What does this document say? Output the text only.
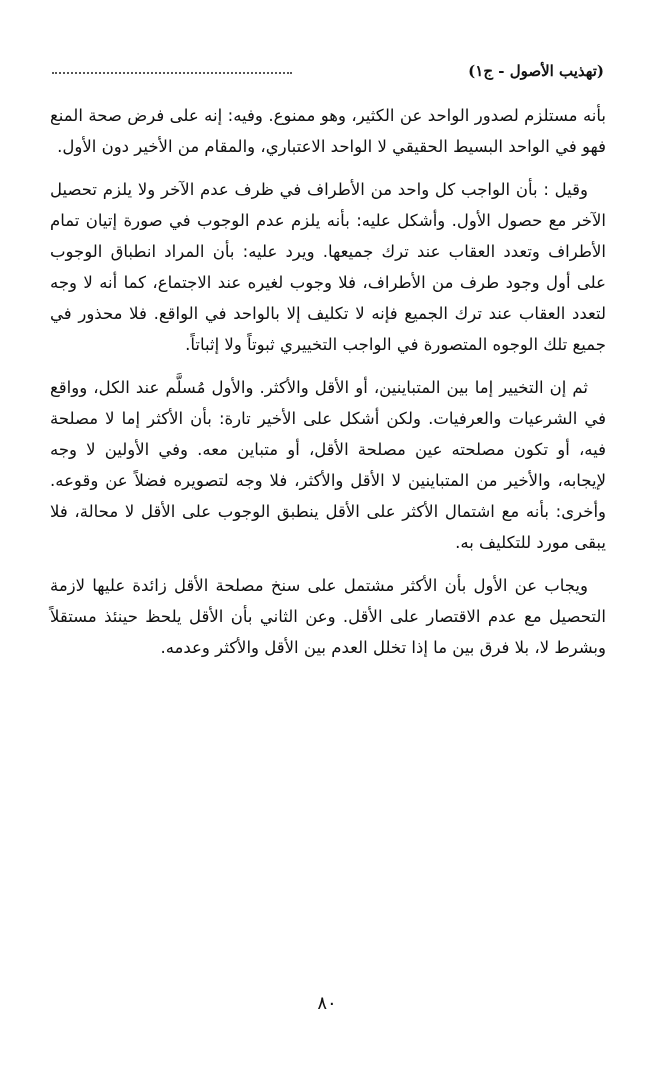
(تهذيب الأصول - ج١)

بأنه مستلزم لصدور الواحد عن الكثير، وهو ممنوع. وفيه: إنه على فرض صحة المنع فهو في الواحد البسيط الحقيقي لا الواحد الاعتباري، والمقام من الأخير دون الأول.

وقيل : بأن الواجب كل واحد من الأطراف في ظرف عدم الآخر ولا يلزم تحصيل الآخر مع حصول الأول. وأشكل عليه: بأنه يلزم عدم الوجوب في صورة إتيان تمام الأطراف وتعدد العقاب عند ترك جميعها. ويرد عليه: بأن المراد انطباق الوجوب على أول وجود طرف من الأطراف، فلا وجوب لغيره عند الاجتماع، كما أنه لا وجه لتعدد العقاب عند ترك الجميع فإنه لا تكليف إلا بالواحد في الواقع. فلا محذور في جميع تلك الوجوه المتصورة في الواجب التخييري ثبوتاً ولا إثباتاً.

ثم إن التخيير إما بين المتباينين، أو الأقل والأكثر. والأول مُسلَّم عند الكل، وواقع في الشرعيات والعرفيات. ولكن أشكل على الأخير تارة: بأن الأكثر إما لا مصلحة فيه، أو تكون مصلحته عين مصلحة الأقل، أو متباين معه. وفي الأولين لا وجه لإيجابه، والأخير من المتباينين لا الأقل والأكثر، فلا وجه لتصويره فضلاً عن وقوعه. وأخرى: بأنه مع اشتمال الأكثر على الأقل ينطبق الوجوب على الأقل لا محالة، فلا يبقى مورد للتكليف به.

ويجاب عن الأول بأن الأكثر مشتمل على سنخ مصلحة الأقل زائدة عليها لازمة التحصيل مع عدم الاقتصار على الأقل. وعن الثاني بأن الأقل يلحظ حينئذ مستقلاً وبشرط لا، بلا فرق بين ما إذا تخلل العدم بين الأقل والأكثر وعدمه.

٨٠
